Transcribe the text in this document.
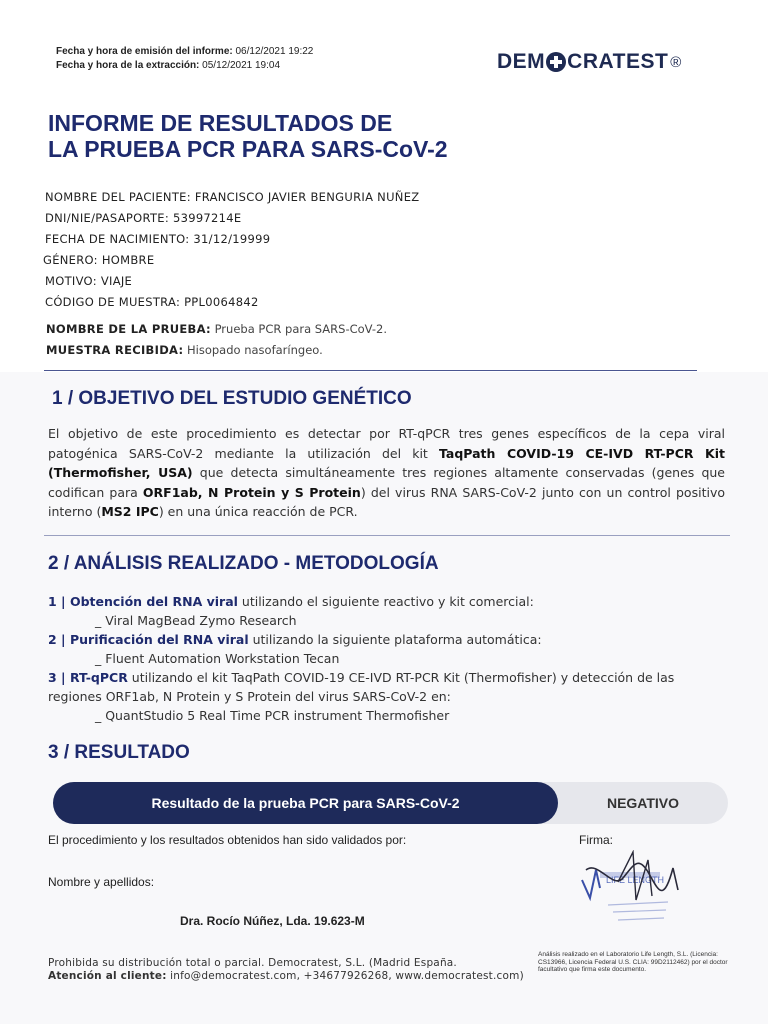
Fecha y hora de emisión del informe: 06/12/2021 19:22
Fecha y hora de la extracción: 05/12/2021 19:04	DEM CRATEST ®
INFORME DE RESULTADOS DE
LA PRUEBA PCR PARA SARS-CoV-2
NOMBRE DEL PACIENTE: FRANCISCO JAVIER BENGURIA NUÑEZ
DNI/NIE/PASAPORTE: 53997214E
FECHA DE NACIMIENTO: 31/12/19999
GÉNERO: HOMBRE
MOTIVO: VIAJE
CÓDIGO DE MUESTRA: PPL0064842
NOMBRE DE LA PRUEBA: Prueba PCR para SARS-CoV-2.
MUESTRA RECIBIDA: Hisopado nasofaríngeo.
1 / OBJETIVO DEL ESTUDIO GENÉTICO
El objetivo de este procedimiento es detectar por RT-qPCR tres genes específicos de la cepa viral patogénica SARS-CoV-2 mediante la utilización del kit TaqPath COVID-19 CE-IVD RT-PCR Kit (Thermofisher, USA) que detecta simultáneamente tres regiones altamente conservadas (genes que codifican para ORF1ab, N Protein y S Protein) del virus RNA SARS-CoV-2 junto con un control positivo interno (MS2 IPC) en una única reacción de PCR.
2 / ANÁLISIS REALIZADO - METODOLOGÍA
1 | Obtención del RNA viral utilizando el siguiente reactivo y kit comercial:
_ Viral MagBead Zymo Research
2 | Purificación del RNA viral utilizando la siguiente plataforma automática:
_ Fluent Automation Workstation Tecan
3 | RT-qPCR utilizando el kit TaqPath COVID-19 CE-IVD RT-PCR Kit (Thermofisher) y detección de las
regiones ORF1ab, N Protein y S Protein del virus SARS-CoV-2 en:
_ QuantStudio 5 Real Time PCR instrument Thermofisher
3 / RESULTADO
Resultado de la prueba PCR para SARS-CoV-2	NEGATIVO
El procedimiento y los resultados obtenidos han sido validados por:	Firma:
Nombre y apellidos:
Dra. Rocío Núñez, Lda. 19.623-M
LIFE LENGTH
Prohibida su distribución total o parcial. Democratest, S.L. (Madrid España.
Atención al cliente: info@democratest.com, +34677926268, www.democratest.com)
Análisis realizado en el Laboratorio Life Length, S.L. (Licencia: CS13966, Licencia Federal U.S. CLIA: 99D2112462) por el doctor facultativo que firma este documento.
